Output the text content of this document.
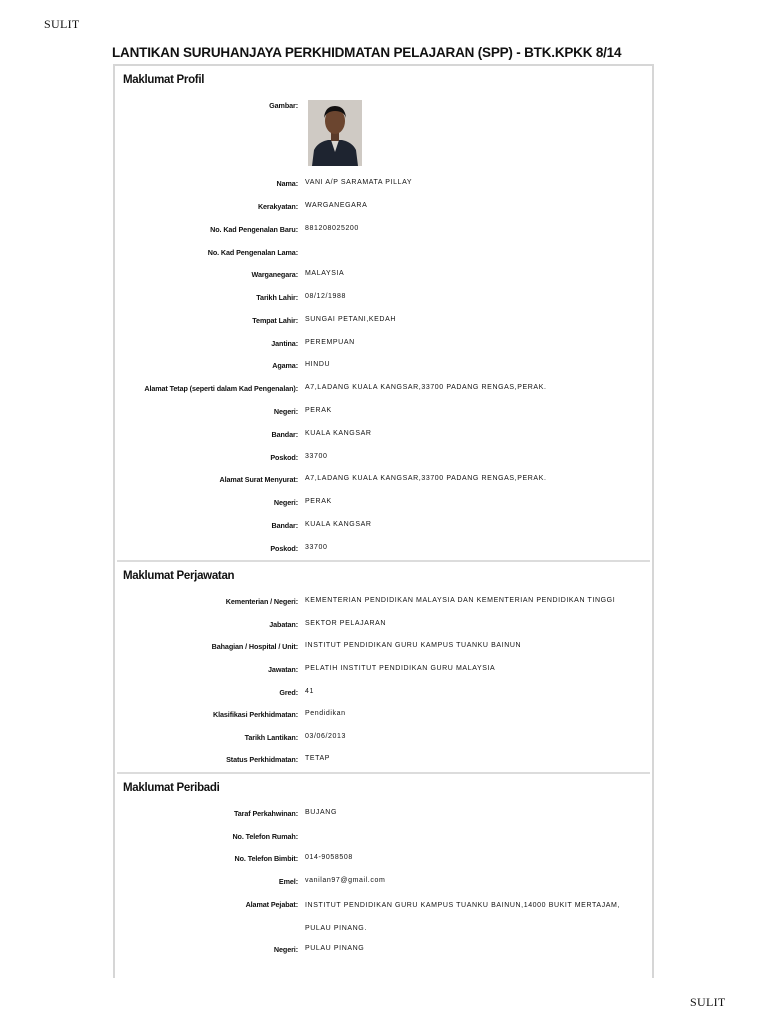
SULIT
LANTIKAN SURUHANJAYA PERKHIDMATAN PELAJARAN (SPP) - BTK.KPKK 8/14
Maklumat Profil
Gambar:
Nama: VANI A/P SARAMATA PILLAY
Kerakyatan: WARGANEGARA
No. Kad Pengenalan Baru: 881208025200
No. Kad Pengenalan Lama:
Warganegara: MALAYSIA
Tarikh Lahir: 08/12/1988
Tempat Lahir: SUNGAI PETANI,KEDAH
Jantina: PEREMPUAN
Agama: HINDU
Alamat Tetap (seperti dalam Kad Pengenalan): A7,LADANG KUALA KANGSAR,33700 PADANG RENGAS,PERAK.
Negeri: PERAK
Bandar: KUALA KANGSAR
Poskod: 33700
Alamat Surat Menyurat: A7,LADANG KUALA KANGSAR,33700 PADANG RENGAS,PERAK.
Negeri: PERAK
Bandar: KUALA KANGSAR
Poskod: 33700
Maklumat Perjawatan
Kementerian / Negeri: KEMENTERIAN PENDIDIKAN MALAYSIA DAN KEMENTERIAN PENDIDIKAN TINGGI
Jabatan: SEKTOR PELAJARAN
Bahagian / Hospital / Unit: INSTITUT PENDIDIKAN GURU KAMPUS TUANKU BAINUN
Jawatan: PELATIH INSTITUT PENDIDIKAN GURU MALAYSIA
Gred: 41
Klasifikasi Perkhidmatan: Pendidikan
Tarikh Lantikan: 03/06/2013
Status Perkhidmatan: TETAP
Maklumat Peribadi
Taraf Perkahwinan: BUJANG
No. Telefon Rumah:
No. Telefon Bimbit: 014-9058508
Emel: vanilan97@gmail.com
Alamat Pejabat: INSTITUT PENDIDIKAN GURU KAMPUS TUANKU BAINUN,14000 BUKIT MERTAJAM, PULAU PINANG.
Negeri: PULAU PINANG
SULIT
